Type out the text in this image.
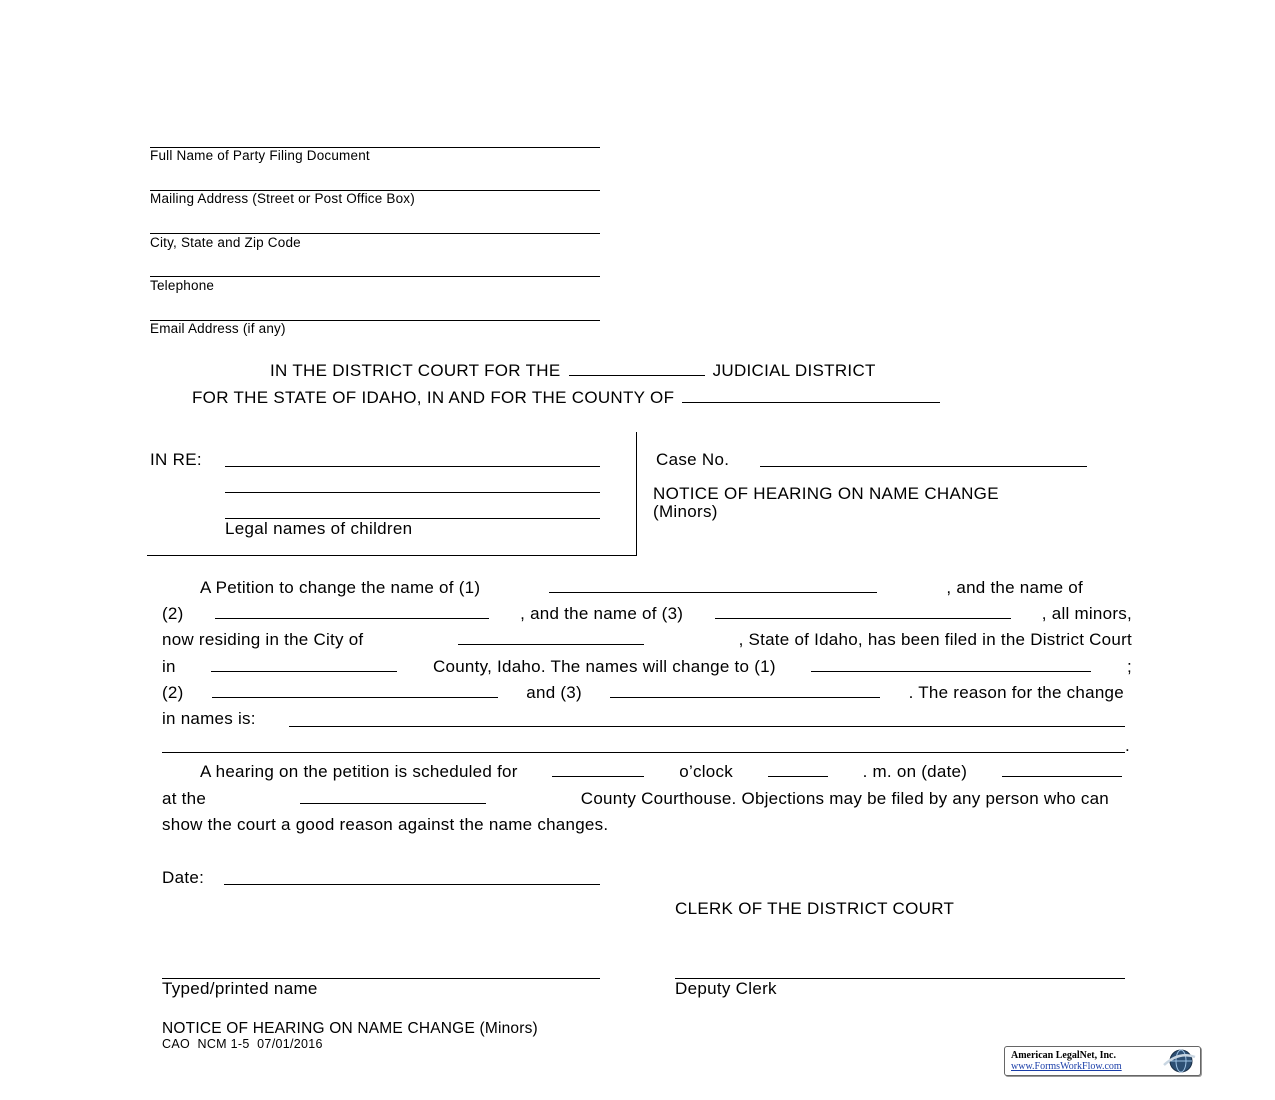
Full Name of Party Filing Document
Mailing Address (Street or Post Office Box)
City, State and Zip Code
Telephone
Email Address (if any)
IN THE DISTRICT COURT FOR THE	JUDICIAL DISTRICT
FOR THE STATE OF IDAHO, IN AND FOR THE COUNTY OF
IN RE:
Legal names of children
Case No.
NOTICE OF HEARING ON NAME CHANGE
(Minors)
A Petition to change the name of (1)	, and the name of
(2)	, and the name of (3)	, all minors,
now residing in the City of	, State of Idaho, has been filed in the District Court
in	County, Idaho. The names will change to (1)	;
(2)	and (3)	. The reason for the change
in names is:
.
A hearing on the petition is scheduled for	o’clock	. m. on (date)
at the	County Courthouse. Objections may be filed by any person who can
show the court a good reason against the name changes.
Date:
CLERK OF THE DISTRICT COURT
Typed/printed name	Deputy Clerk
NOTICE OF HEARING ON NAME CHANGE (Minors)
CAO  NCM 1-5  07/01/2016
American LegalNet, Inc.
www.FormsWorkFlow.com
